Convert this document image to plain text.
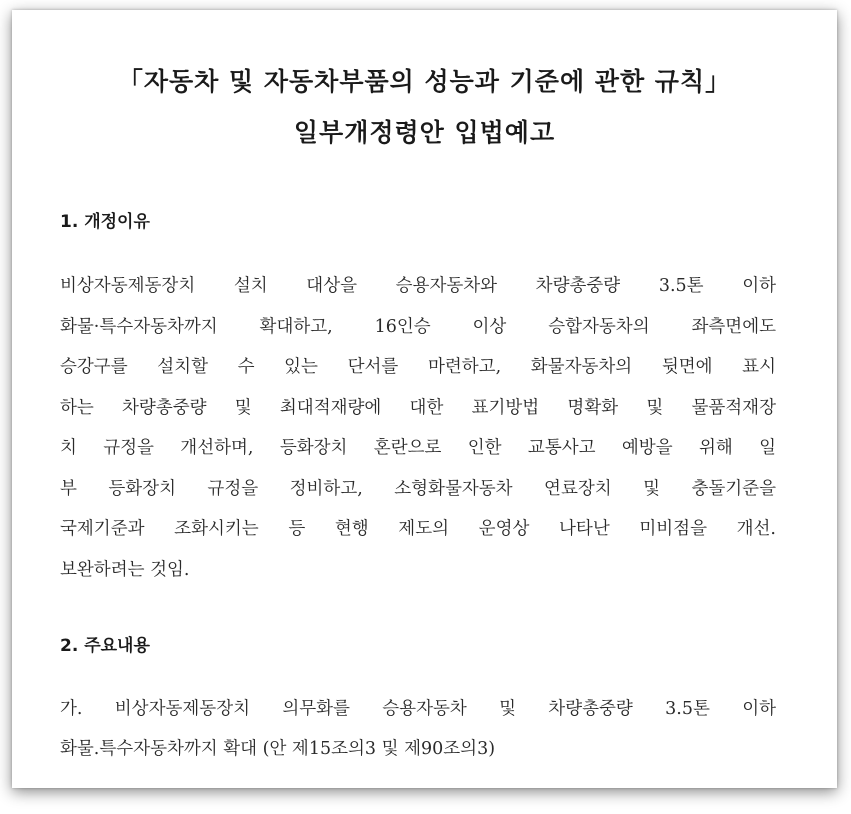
「자동차 및 자동차부품의 성능과 기준에 관한 규칙」
일부개정령안 입법예고
1. 개정이유
비상자동제동장치 설치 대상을 승용자동차와 차량총중량 3.5톤 이하
화물·특수자동차까지 확대하고, 16인승 이상 승합자동차의 좌측면에도
승강구를 설치할 수 있는 단서를 마련하고, 화물자동차의 뒷면에 표시
하는 차량총중량 및 최대적재량에 대한 표기방법 명확화 및 물품적재장
치 규정을 개선하며, 등화장치 혼란으로 인한 교통사고 예방을 위해 일
부 등화장치 규정을 정비하고, 소형화물자동차 연료장치 및 충돌기준을
국제기준과 조화시키는 등 현행 제도의 운영상 나타난 미비점을 개선.
보완하려는 것임.
2. 주요내용
가. 비상자동제동장치 의무화를 승용자동차 및 차량총중량 3.5톤 이하
화물.특수자동차까지 확대 (안 제15조의3 및 제90조의3)
